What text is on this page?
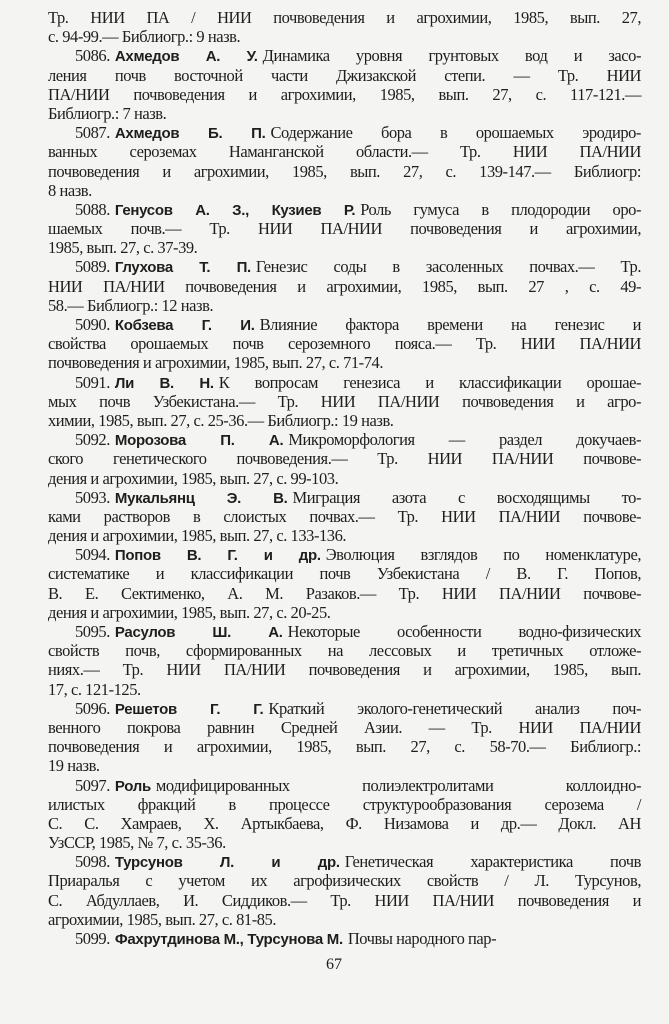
Тр. НИИ ПА / НИИ почвоведения и агрохимии, 1985, вып. 27,
с. 94-99.— Библиогр.: 9 назв.
5086. Ахмедов А. У. Динамика уровня грунтовых вод и засо-
ления почв восточной части Джизакской степи. — Тр. НИИ
ПА/НИИ почвоведения и агрохимии, 1985, вып. 27, с. 117-121.—
Библиогр.: 7 назв.
5087. Ахмедов Б. П. Содержание бора в орошаемых эродиро-
ванных сероземах Наманганской области.— Тр. НИИ ПА/НИИ
почвоведения и агрохимии, 1985, вып. 27, с. 139-147.— Библиогр:
8 назв.
5088. Генусов А. З., Кузиев Р. Роль гумуса в плодородии оро-
шаемых почв.— Тр. НИИ ПА/НИИ почвоведения и агрохимии,
1985, вып. 27, с. 37-39.
5089. Глухова Т. П. Генезис соды в засоленных почвах.— Тр.
НИИ ПА/НИИ почвоведения и агрохимии, 1985, вып. 27 , с. 49-
58.— Библиогр.: 12 назв.
5090. Кобзева Г. И. Влияние фактора времени на генезис и
свойства орошаемых почв сероземного пояса.— Тр. НИИ ПА/НИИ
почвоведения и агрохимии, 1985, вып. 27, с. 71-74.
5091. Ли В. Н. К вопросам генезиса и классификации орошае-
мых почв Узбекистана.— Тр. НИИ ПА/НИИ почвоведения и агро-
химии, 1985, вып. 27, с. 25-36.— Библиогр.: 19 назв.
5092. Морозова П. А. Микроморфология — раздел докучаев-
ского генетического почвоведения.— Тр. НИИ ПА/НИИ почвове-
дения и агрохимии, 1985, вып. 27, с. 99-103.
5093. Мукальянц Э. В. Миграция азота с восходящимы то-
ками растворов в слоистых почвах.— Тр. НИИ ПА/НИИ почвове-
дения и агрохимии, 1985, вып. 27, с. 133-136.
5094. Попов В. Г. и др. Эволюция взглядов по номенклатуре,
систематике и классификации почв Узбекистана / В. Г. Попов,
В. Е. Сектименко, А. М. Разаков.— Тр. НИИ ПА/НИИ почвове-
дения и агрохимии, 1985, вып. 27, с. 20-25.
5095. Расулов Ш. А. Некоторые особенности водно-физических
свойств почв, сформированных на лессовых и третичных отложе-
ниях.— Тр. НИИ ПА/НИИ почвоведения и агрохимии, 1985, вып.
17, с. 121-125.
5096. Решетов Г. Г. Краткий эколого-генетический анализ поч-
венного покрова равнин Средней Азии. — Тр. НИИ ПА/НИИ
почвоведения и агрохимии, 1985, вып. 27, с. 58-70.— Библиогр.:
19 назв.
5097. Роль модифицированных полиэлектролитами коллоидно-
илистых фракций в процессе структурообразования серозема /
С. С. Хамраев, Х. Артыкбаева, Ф. Низамова и др.— Докл. АН
УзССР, 1985, № 7, с. 35-36.
5098. Турсунов Л. и др. Генетическая характеристика почв
Приаралья с учетом их агрофизических свойств / Л. Турсунов,
С. Абдуллаев, И. Сиддиков.— Тр. НИИ ПА/НИИ почвоведения и
агрохимии, 1985, вып. 27, с. 81-85.
5099. Фахрутдинова М., Турсунова М. Почвы народного пар-
67
